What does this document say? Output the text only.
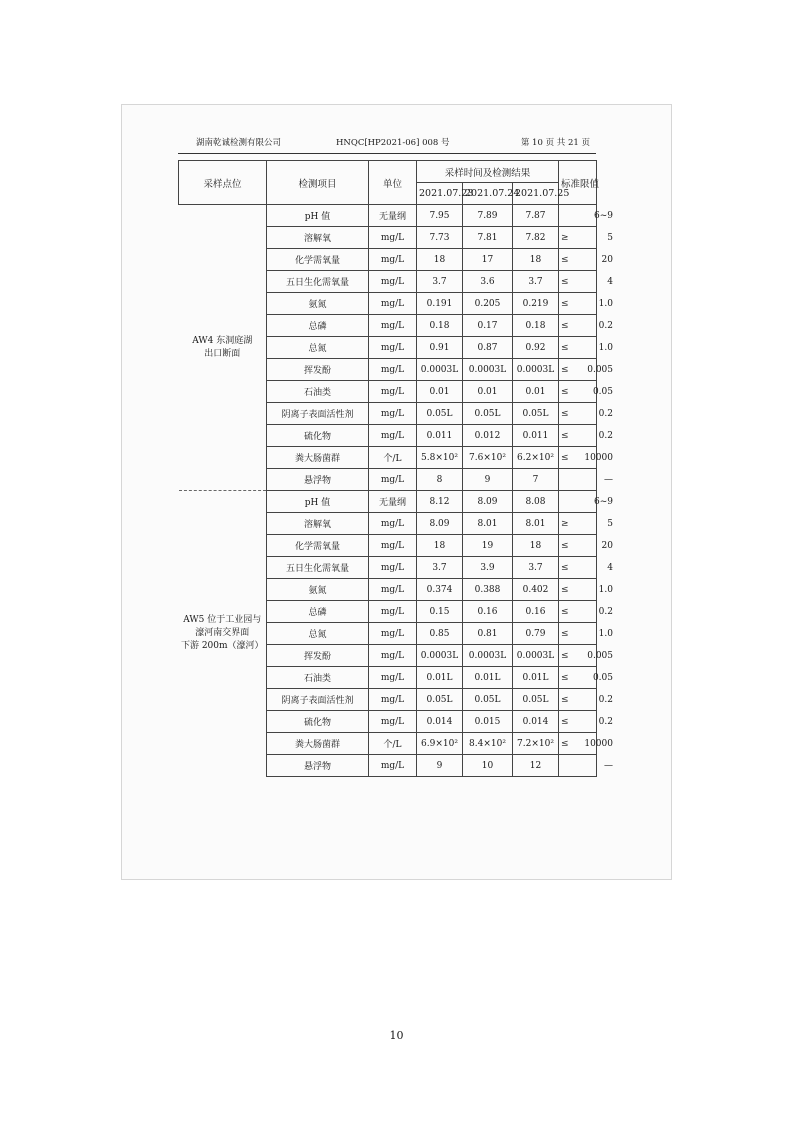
湖南乾诚检测有限公司	HNQC[HP2021-06] 008 号	第 10 页 共 21 页
采样点位	检测项目	单位	采样时间及检测结果			标准限值
			2021.07.23	2021.07.24	2021.07.25	
AW4 东洞庭湖
出口断面	pH 值	无量纲	7.95	7.89	7.87	6~9
	溶解氧	mg/L	7.73	7.81	7.82	≥ 5
	化学需氧量	mg/L	18	17	18	≤ 20
	五日生化需氧量	mg/L	3.7	3.6	3.7	≤ 4
	氨氮	mg/L	0.191	0.205	0.219	≤ 1.0
	总磷	mg/L	0.18	0.17	0.18	≤ 0.2
	总氮	mg/L	0.91	0.87	0.92	≤ 1.0
	挥发酚	mg/L	0.0003L	0.0003L	0.0003L	≤ 0.005
	石油类	mg/L	0.01	0.01	0.01	≤ 0.05
	阴离子表面活性剂	mg/L	0.05L	0.05L	0.05L	≤ 0.2
	硫化物	mg/L	0.011	0.012	0.011	≤ 0.2
	粪大肠菌群	个/L	5.8×10²	7.6×10²	6.2×10²	≤ 10000
	悬浮物	mg/L	8	9	7	—
AW5 位于工业园与
濠河南交界面
下游 200m（濠河）	pH 值	无量纲	8.12	8.09	8.08	6~9
	溶解氧	mg/L	8.09	8.01	8.01	≥ 5
	化学需氧量	mg/L	18	19	18	≤ 20
	五日生化需氧量	mg/L	3.7	3.9	3.7	≤ 4
	氨氮	mg/L	0.374	0.388	0.402	≤ 1.0
	总磷	mg/L	0.15	0.16	0.16	≤ 0.2
	总氮	mg/L	0.85	0.81	0.79	≤ 1.0
	挥发酚	mg/L	0.0003L	0.0003L	0.0003L	≤ 0.005
	石油类	mg/L	0.01L	0.01L	0.01L	≤ 0.05
	阴离子表面活性剂	mg/L	0.05L	0.05L	0.05L	≤ 0.2
	硫化物	mg/L	0.014	0.015	0.014	≤ 0.2
	粪大肠菌群	个/L	6.9×10²	8.4×10²	7.2×10²	≤ 10000
	悬浮物	mg/L	9	10	12	—
10
